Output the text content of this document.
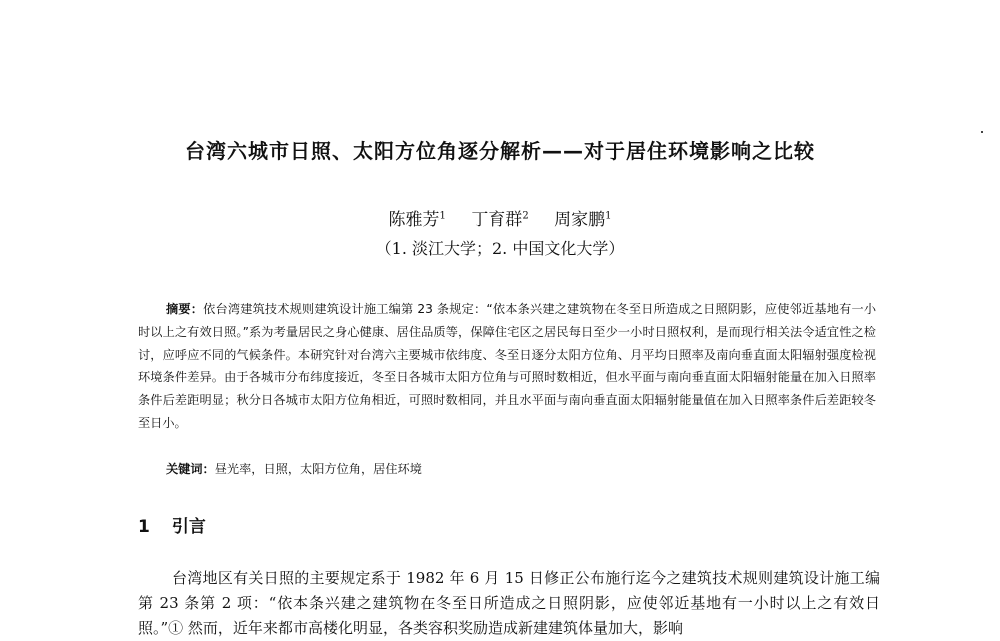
台湾六城市日照、太阳方位角逐分解析——对于居住环境影响之比较
陈雅芳$^1$ 丁育群$^2$ 周家鹏$^1$
（1. 淡江大学；2. 中国文化大学）
摘要：依台湾建筑技术规则建筑设计施工编第 23 条规定：“依本条兴建之建筑物在冬至日所造成之日照阴影，应使邻近基地有一小时以上之有效日照。”系为考量居民之身心健康、居住品质等，保障住宅区之居民每日至少一小时日照权利，是而现行相关法令适宜性之检讨，应呼应不同的气候条件。本研究针对台湾六主要城市依纬度、冬至日逐分太阳方位角、月平均日照率及南向垂直面太阳辐射强度检视环境条件差异。由于各城市分布纬度接近，冬至日各城市太阳方位角与可照时数相近，但水平面与南向垂直面太阳辐射能量在加入日照率条件后差距明显；秋分日各城市太阳方位角相近，可照时数相同，并且水平面与南向垂直面太阳辐射能量值在加入日照率条件后差距较冬至日小。
关键词：昼光率，日照，太阳方位角，居住环境
1 引言
台湾地区有关日照的主要规定系于 1982 年 6 月 15 日修正公布施行迄今之建筑技术规则建筑设计施工编第 23 条第 2 项：“依本条兴建之建筑物在冬至日所造成之日照阴影，应使邻近基地有一小时以上之有效日照。”① 然而，近年来都市高楼化明显，各类容积奖励造成新建建筑体量加大，影响
